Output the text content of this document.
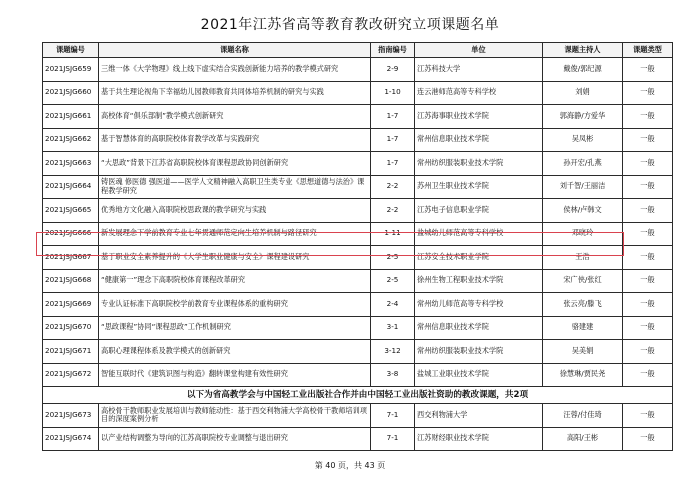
2021年江苏省高等教育教改研究立项课题名单
课题编号	课题名称	指南编号	单位	课题主持人	课题类型
2021JSJG659	三维一体《大学物理》线上线下虚实结合实践创新能力培养的教学模式研究	2-9	江苏科技大学	戴俊/郭纪源	一般
2021JSJG660	基于共生理论视角下幸福幼儿园教师教育共同体培养机制的研究与实践	1-10	连云港师范高等专科学校	刘娟	一般
2021JSJG661	高校体育“俱乐部制”教学模式创新研究	1-7	江苏海事职业技术学院	郭海静/方爱华	一般
2021JSJG662	基于智慧体育的高职院校体育教学改革与实践研究	1-7	常州信息职业技术学院	吴凤彬	一般
2021JSJG663	“大思政”背景下江苏省高职院校体育课程思政协同创新研究	1-7	常州纺织服装职业技术学院	孙开宏/孔燕	一般
2021JSJG664	铸医魂 修医德 强医道——医学人文精神融入高职卫生类专业《思想道德与法治》课程教学研究	2-2	苏州卫生职业技术学院	刘千智/王丽洁	一般
2021JSJG665	优秀地方文化融入高职院校思政课的教学研究与实践	2-2	江苏电子信息职业学院	侯林/卢韩文	一般
2021JSJG666	新发展理念下学前教育专业七年贯通师范定向生培养机制与路径研究	1-11	盐城幼儿师范高等专科学校	邓晓玲	一般
2021JSJG667	基于职业安全素养提升的《大学生职业健康与安全》课程建设研究	2-5	江苏安全技术职业学院	王浩	一般
2021JSJG668	“健康第一”理念下高职院校体育课程改革研究	2-5	徐州生物工程职业技术学院	宋广侠/张红	一般
2021JSJG669	专业认证标准下高职院校学前教育专业课程体系的重构研究	2-4	常州幼儿师范高等专科学校	张云亮/滕飞	一般
2021JSJG670	“思政课程”协同“课程思政”工作机制研究	3-1	常州信息职业技术学院	骆建建	一般
2021JSJG671	高职心理课程体系及教学模式的创新研究	3-12	常州纺织服装职业技术学院	吴美娟	一般
2021JSJG672	智能互联时代《建筑识图与构造》翻转课堂构建有效性研究	3-8	盐城工业职业技术学院	徐慧琳/贾民尧	一般
以下为省高教学会与中国轻工业出版社合作并由中国轻工业出版社资助的教改课题，共2项					
2021JSJG673	高校骨干教师职业发展培训与教师能动性：基于西交利物浦大学高校骨干教师培训项目的深度案例分析	7-1	西交利物浦大学	汪蓉/付佳琦	一般
2021JSJG674	以产业结构调整为导向的江苏高职院校专业调整与退出研究	7-1	江苏财经职业技术学院	高阳/王彬	一般
第 40 页，共 43 页
